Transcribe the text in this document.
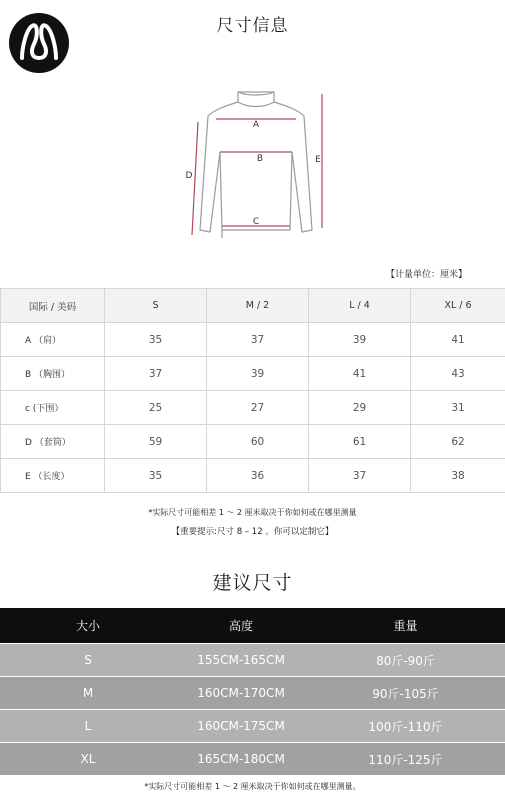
尺寸信息
A
B
C
D
E
【计量单位：厘米】
国际 / 美码	S	M / 2	L / 4	XL / 6
A （肩）	35	37	39	41
B （胸围）	37	39	41	43
c (下围）	25	27	29	31
D （套筒）	59	60	61	62
E （长度）	35	36	37	38
*实际尺寸可能相差 1 ～ 2 厘米取决于你如何或在哪里测量
【重要提示:尺寸 8 – 12 。你可以定制它】
建议尺寸
大小	高度	重量
S	155CM-165CM	80斤-90斤
M	160CM-170CM	90斤-105斤
L	160CM-175CM	100斤-110斤
XL	165CM-180CM	110斤-125斤
*实际尺寸可能相差 1 ～ 2 厘米取决于你如何或在哪里测量。
